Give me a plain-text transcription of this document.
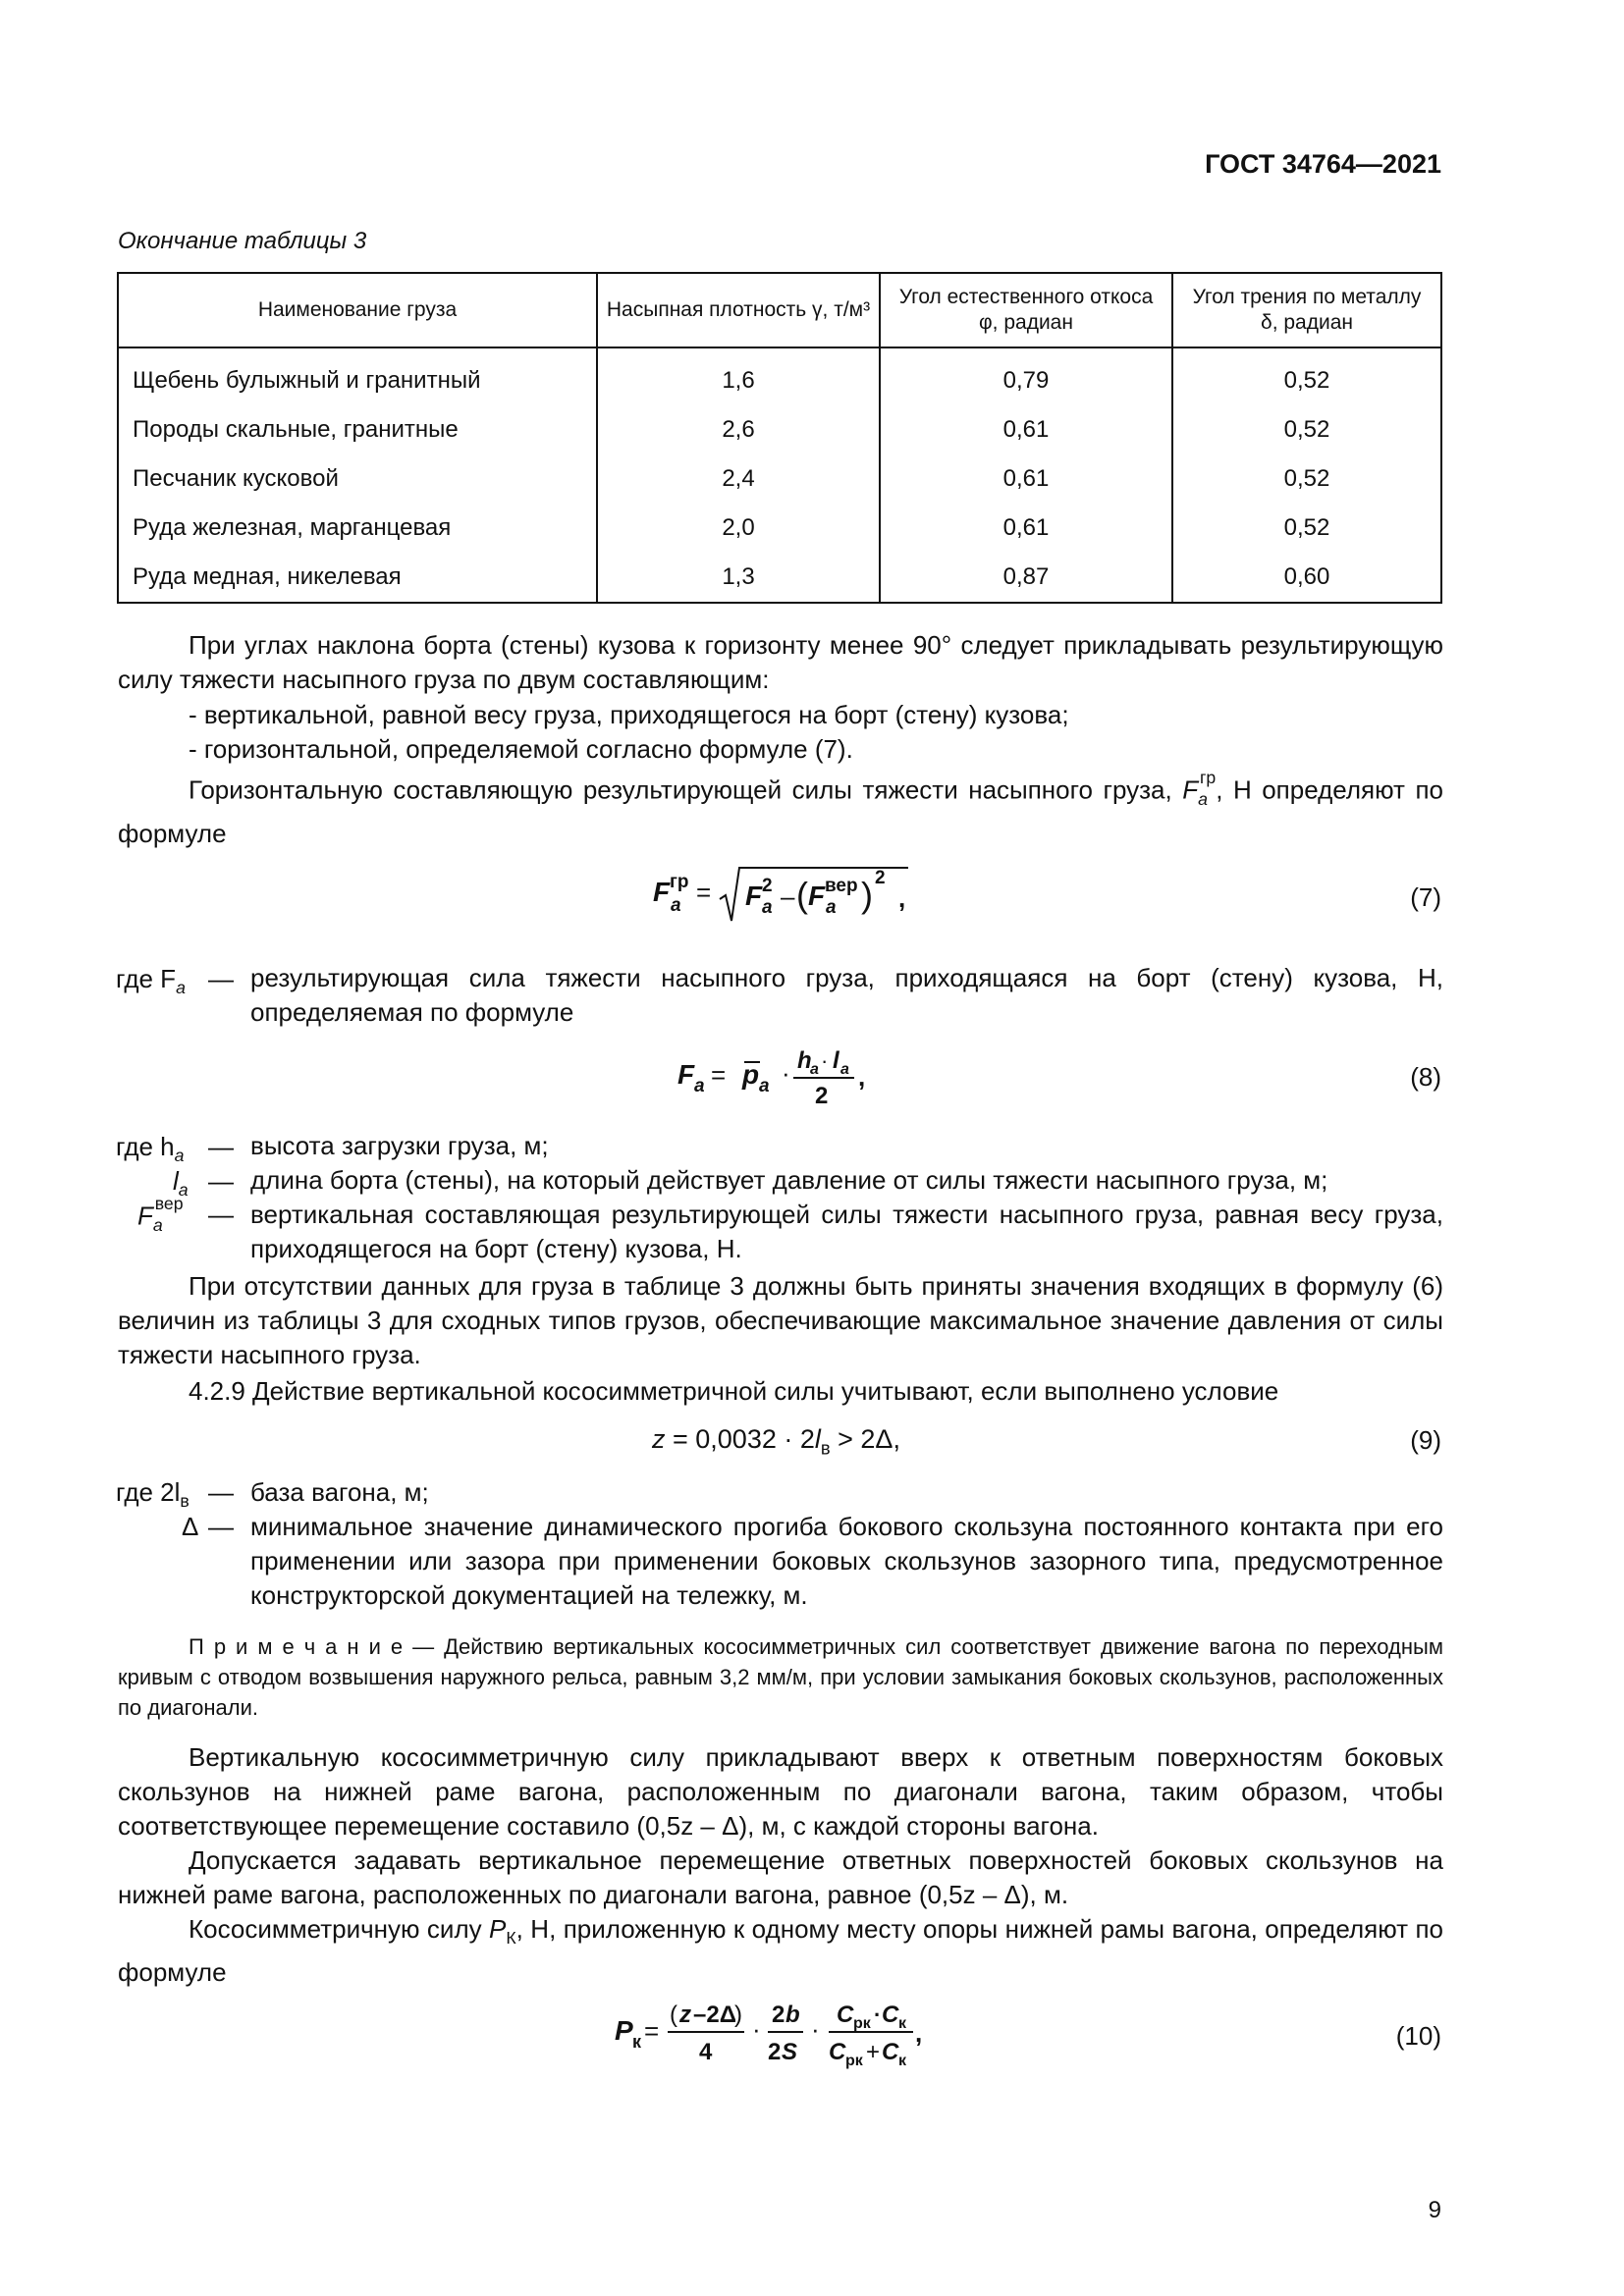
ГОСТ 34764—2021
Окончание таблицы 3
Наименование груза	Насыпная плотность γ, т/м³	Угол естественного откоса φ, радиан	Угол трения по металлу δ, радиан
Щебень булыжный и гранитный	1,6	0,79	0,52
Породы скальные, гранитные	2,6	0,61	0,52
Песчаник кусковой	2,4	0,61	0,52
Руда железная, марганцевая	2,0	0,61	0,52
Руда медная, никелевая	1,3	0,87	0,60
При углах наклона борта (стены) кузова к горизонту менее 90° следует прикладывать результирующую силу тяжести насыпного груза по двум составляющим:
- вертикальной, равной весу груза, приходящегося на борт (стену) кузова;
- горизонтальной, определяемой согласно формуле (7).
Горизонтальную составляющую результирующей силы тяжести насыпного груза, $F_a^{гр}$, Н определяют по формуле
F гр
a = F 2
a – ( F вер
a ) 2
,	(7)
где $F_a$ — результирующая сила тяжести насыпного груза, приходящаяся на борт (стену) кузова, Н, определяемая по формуле
F a = p a · h
a · l a
2
,	(8)
где $h_a$ — высота загрузки груза, м;
$l_a$ — длина борта (стены), на который действует давление от силы тяжести насыпного груза, м;
$F_a^{вер}$ — вертикальная составляющая результирующей силы тяжести насыпного груза, равная весу груза, приходящегося на борт (стену) кузова, Н.
При отсутствии данных для груза в таблице 3 должны быть приняты значения входящих в формулу (6) величин из таблицы 3 для сходных типов грузов, обеспечивающие максимальное значение давления от силы тяжести насыпного груза.
4.2.9 Действие вертикальной кососимметричной силы учитывают, если выполнено условие
$z = 0,0032 \cdot 2l_в > 2\Delta$,	(9)
где $2l_в$ — база вагона, м;
Δ — минимальное значение динамического прогиба бокового скользуна постоянного контакта при его применении или зазора при применении боковых скользунов зазорного типа, предусмотренное конструкторской документацией на тележку, м.
П р и м е ч а н и е — Действию вертикальных кососимметричных сил соответствует движение вагона по переходным кривым с отводом возвышения наружного рельса, равным 3,2 мм/м, при условии замыкания боковых скользунов, расположенных по диагонали.
Вертикальную кососимметричную силу прикладывают вверх к ответным поверхностям боковых скользунов на нижней раме вагона, расположенным по диагонали вагона, таким образом, чтобы соответствующее перемещение составило (0,5z – Δ), м, с каждой стороны вагона.
Допускается задавать вертикальное перемещение ответных поверхностей боковых скользунов на нижней раме вагона, расположенных по диагонали вагона, равное (0,5z – Δ), м.
Кососимметричную силу $P_К$, Н, приложенную к одному месту опоры нижней рамы вагона, определяют по формуле
P к =
( z –2Δ
)
4
· 2 b
2 S
· C рк · C к
C рк + C к
,	(10)
9
